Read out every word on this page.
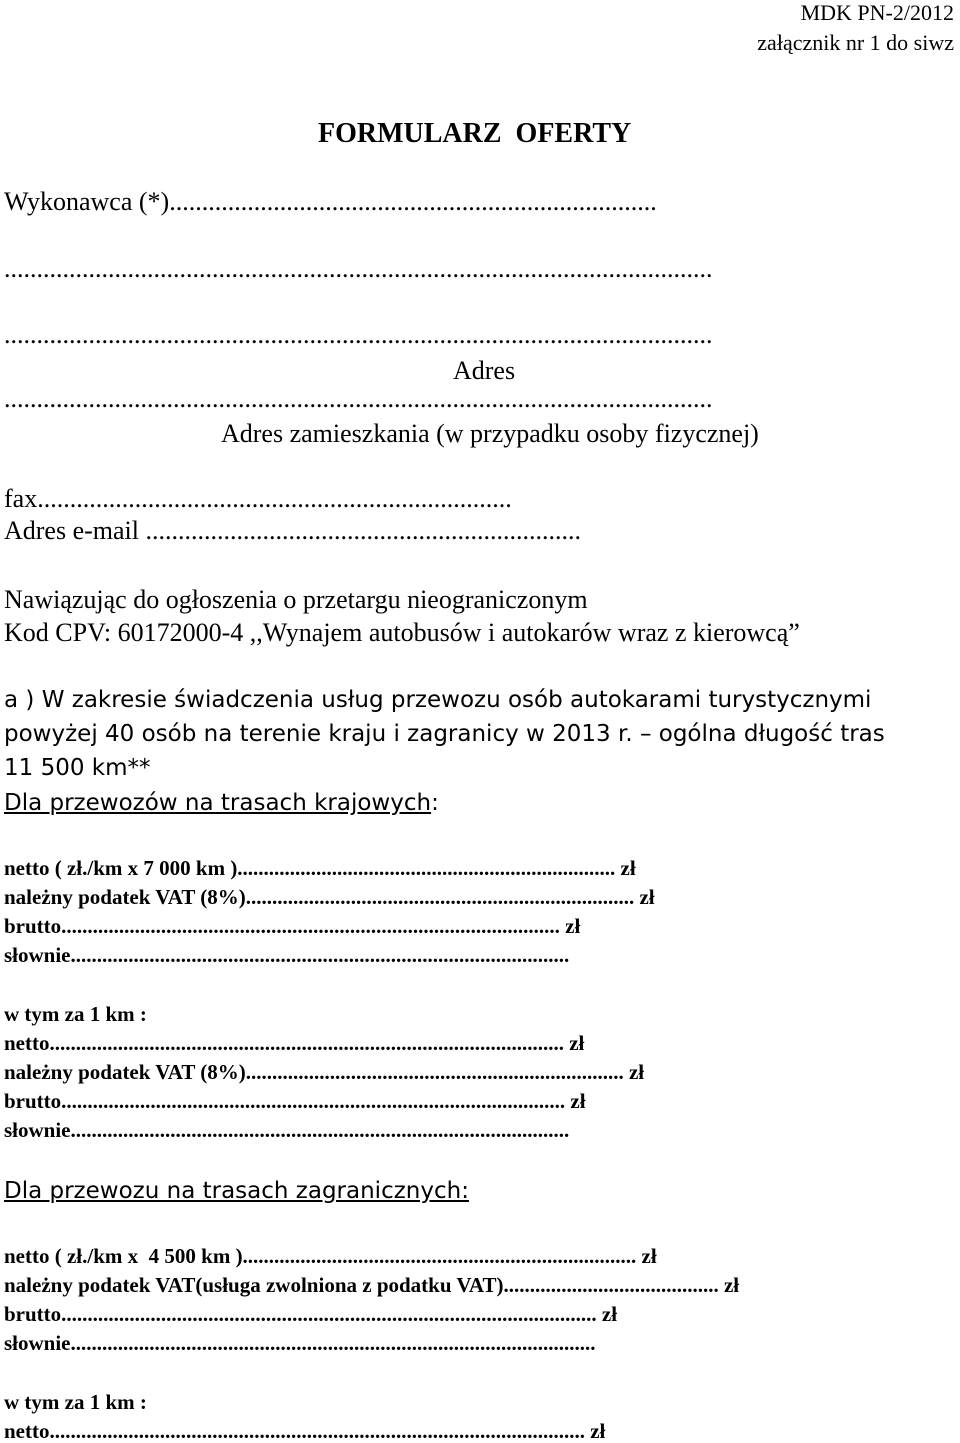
MDK PN-2/2012
załącznik nr 1 do siwz
FORMULARZ  OFERTY
Wykonawca (*)...........................................................................
.............................................................................................................
.............................................................................................................
Adres
.............................................................................................................
Adres zamieszkania (w przypadku osoby fizycznej)
fax.........................................................................
Adres e-mail ...................................................................
Nawiązując do ogłoszenia o przetargu nieograniczonym
Kod CPV: 60172000-4 ,,Wynajem autobusów i autokarów wraz z kierowcą”
a ) W zakresie świadczenia usług przewozu osób autokarami turystycznymi
powyżej 40 osób na terenie kraju i zagranicy w 2013 r. – ogólna długość tras
11 500 km**
Dla przewozów na trasach krajowych:
netto ( zł./km x 7 000 km )........................................................................ zł
należny podatek VAT (8%).......................................................................... zł
brutto............................................................................................... zł
słownie...............................................................................................
w tym za 1 km :
netto.................................................................................................. zł
należny podatek VAT (8%)........................................................................ zł
brutto................................................................................................ zł
słownie...............................................................................................
Dla przewozu na trasach zagranicznych:
netto ( zł./km x  4 500 km )........................................................................... zł
należny podatek VAT(usługa zwolniona z podatku VAT)......................................... zł
brutto...................................................................................................... zł
słownie....................................................................................................
w tym za 1 km :
netto...................................................................................................... zł
